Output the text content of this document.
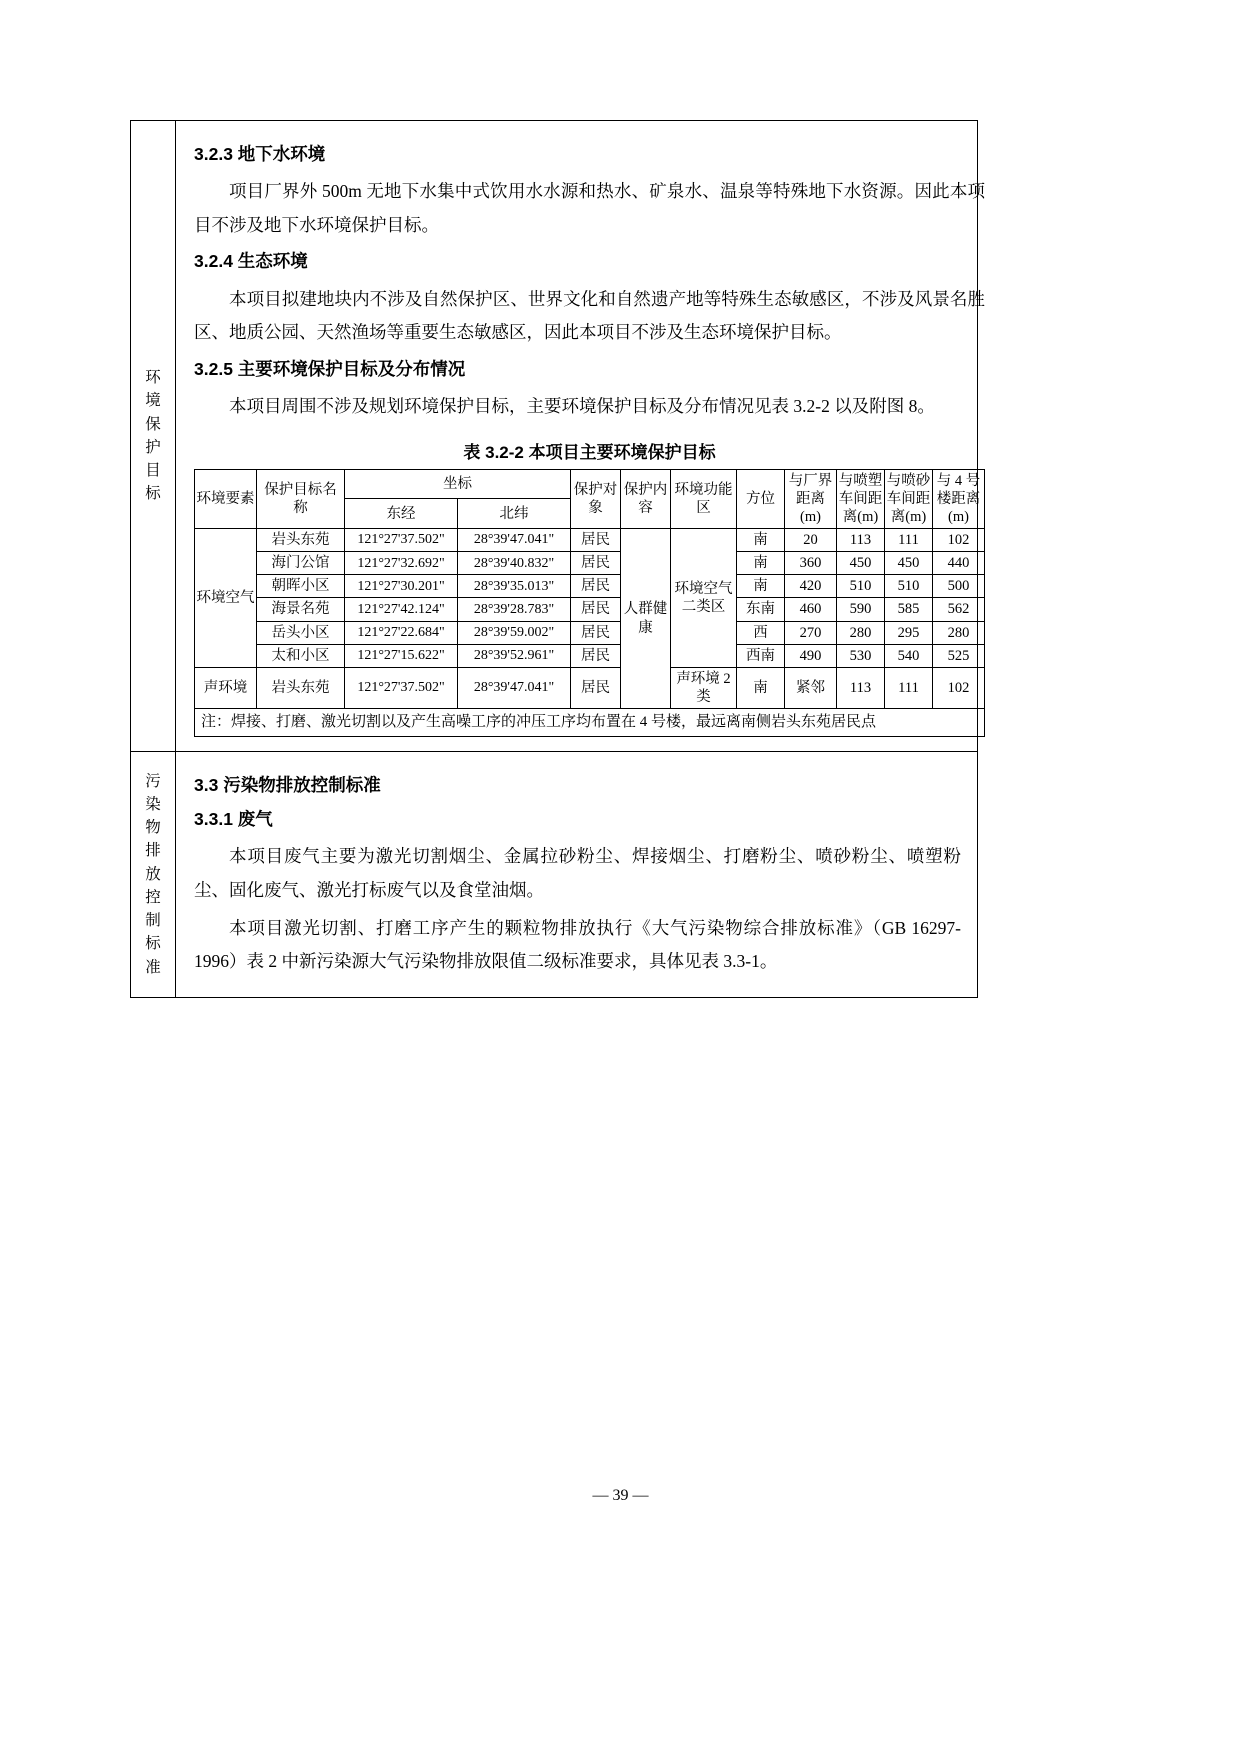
环境保护目标
3.2.3 地下水环境

项目厂界外 500m 无地下水集中式饮用水水源和热水、矿泉水、温泉等特殊地下水资源。因此本项目不涉及地下水环境保护目标。

3.2.4 生态环境

本项目拟建地块内不涉及自然保护区、世界文化和自然遗产地等特殊生态敏感区，不涉及风景名胜区、地质公园、天然渔场等重要生态敏感区，因此本项目不涉及生态环境保护目标。

3.2.5 主要环境保护目标及分布情况

本项目周围不涉及规划环境保护目标，主要环境保护目标及分布情况见表 3.2-2 以及附图 8。

表 3.2-2 本项目主要环境保护目标
环境要素	保护目标名称	坐标		保护对象	保护内容	环境功能区	方位	与厂界距离(m)	与喷塑车间距离(m)	与喷砂车间距离(m)	与 4 号楼距离(m)
		东经	北纬								
环境空气	岩头东苑	121°27'37.502"	28°39'47.041"	居民	人群健康	环境空气二类区	南	20	113	111	102
	海门公馆	121°27'32.692"	28°39'40.832"	居民			南	360	450	450	440
	朝晖小区	121°27'30.201"	28°39'35.013"	居民			南	420	510	510	500
	海景名苑	121°27'42.124"	28°39'28.783"	居民			东南	460	590	585	562
	岳头小区	121°27'22.684"	28°39'59.002"	居民			西	270	280	295	280
	太和小区	121°27'15.622"	28°39'52.961"	居民			西南	490	530	540	525
声环境	岩头东苑	121°27'37.502"	28°39'47.041"	居民		声环境 2 类	南	紧邻	113	111	102
注：焊接、打磨、激光切割以及产生高噪工序的冲压工序均布置在 4 号楼，最远离南侧岩头东苑居民点											
污染物排放控制标准
3.3 污染物排放控制标准
3.3.1 废气

本项目废气主要为激光切割烟尘、金属拉砂粉尘、焊接烟尘、打磨粉尘、喷砂粉尘、喷塑粉尘、固化废气、激光打标废气以及食堂油烟。

本项目激光切割、打磨工序产生的颗粒物排放执行《大气污染物综合排放标准》（GB 16297-1996）表 2 中新污染源大气污染物排放限值二级标准要求，具体见表 3.3-1。

— 39 —
